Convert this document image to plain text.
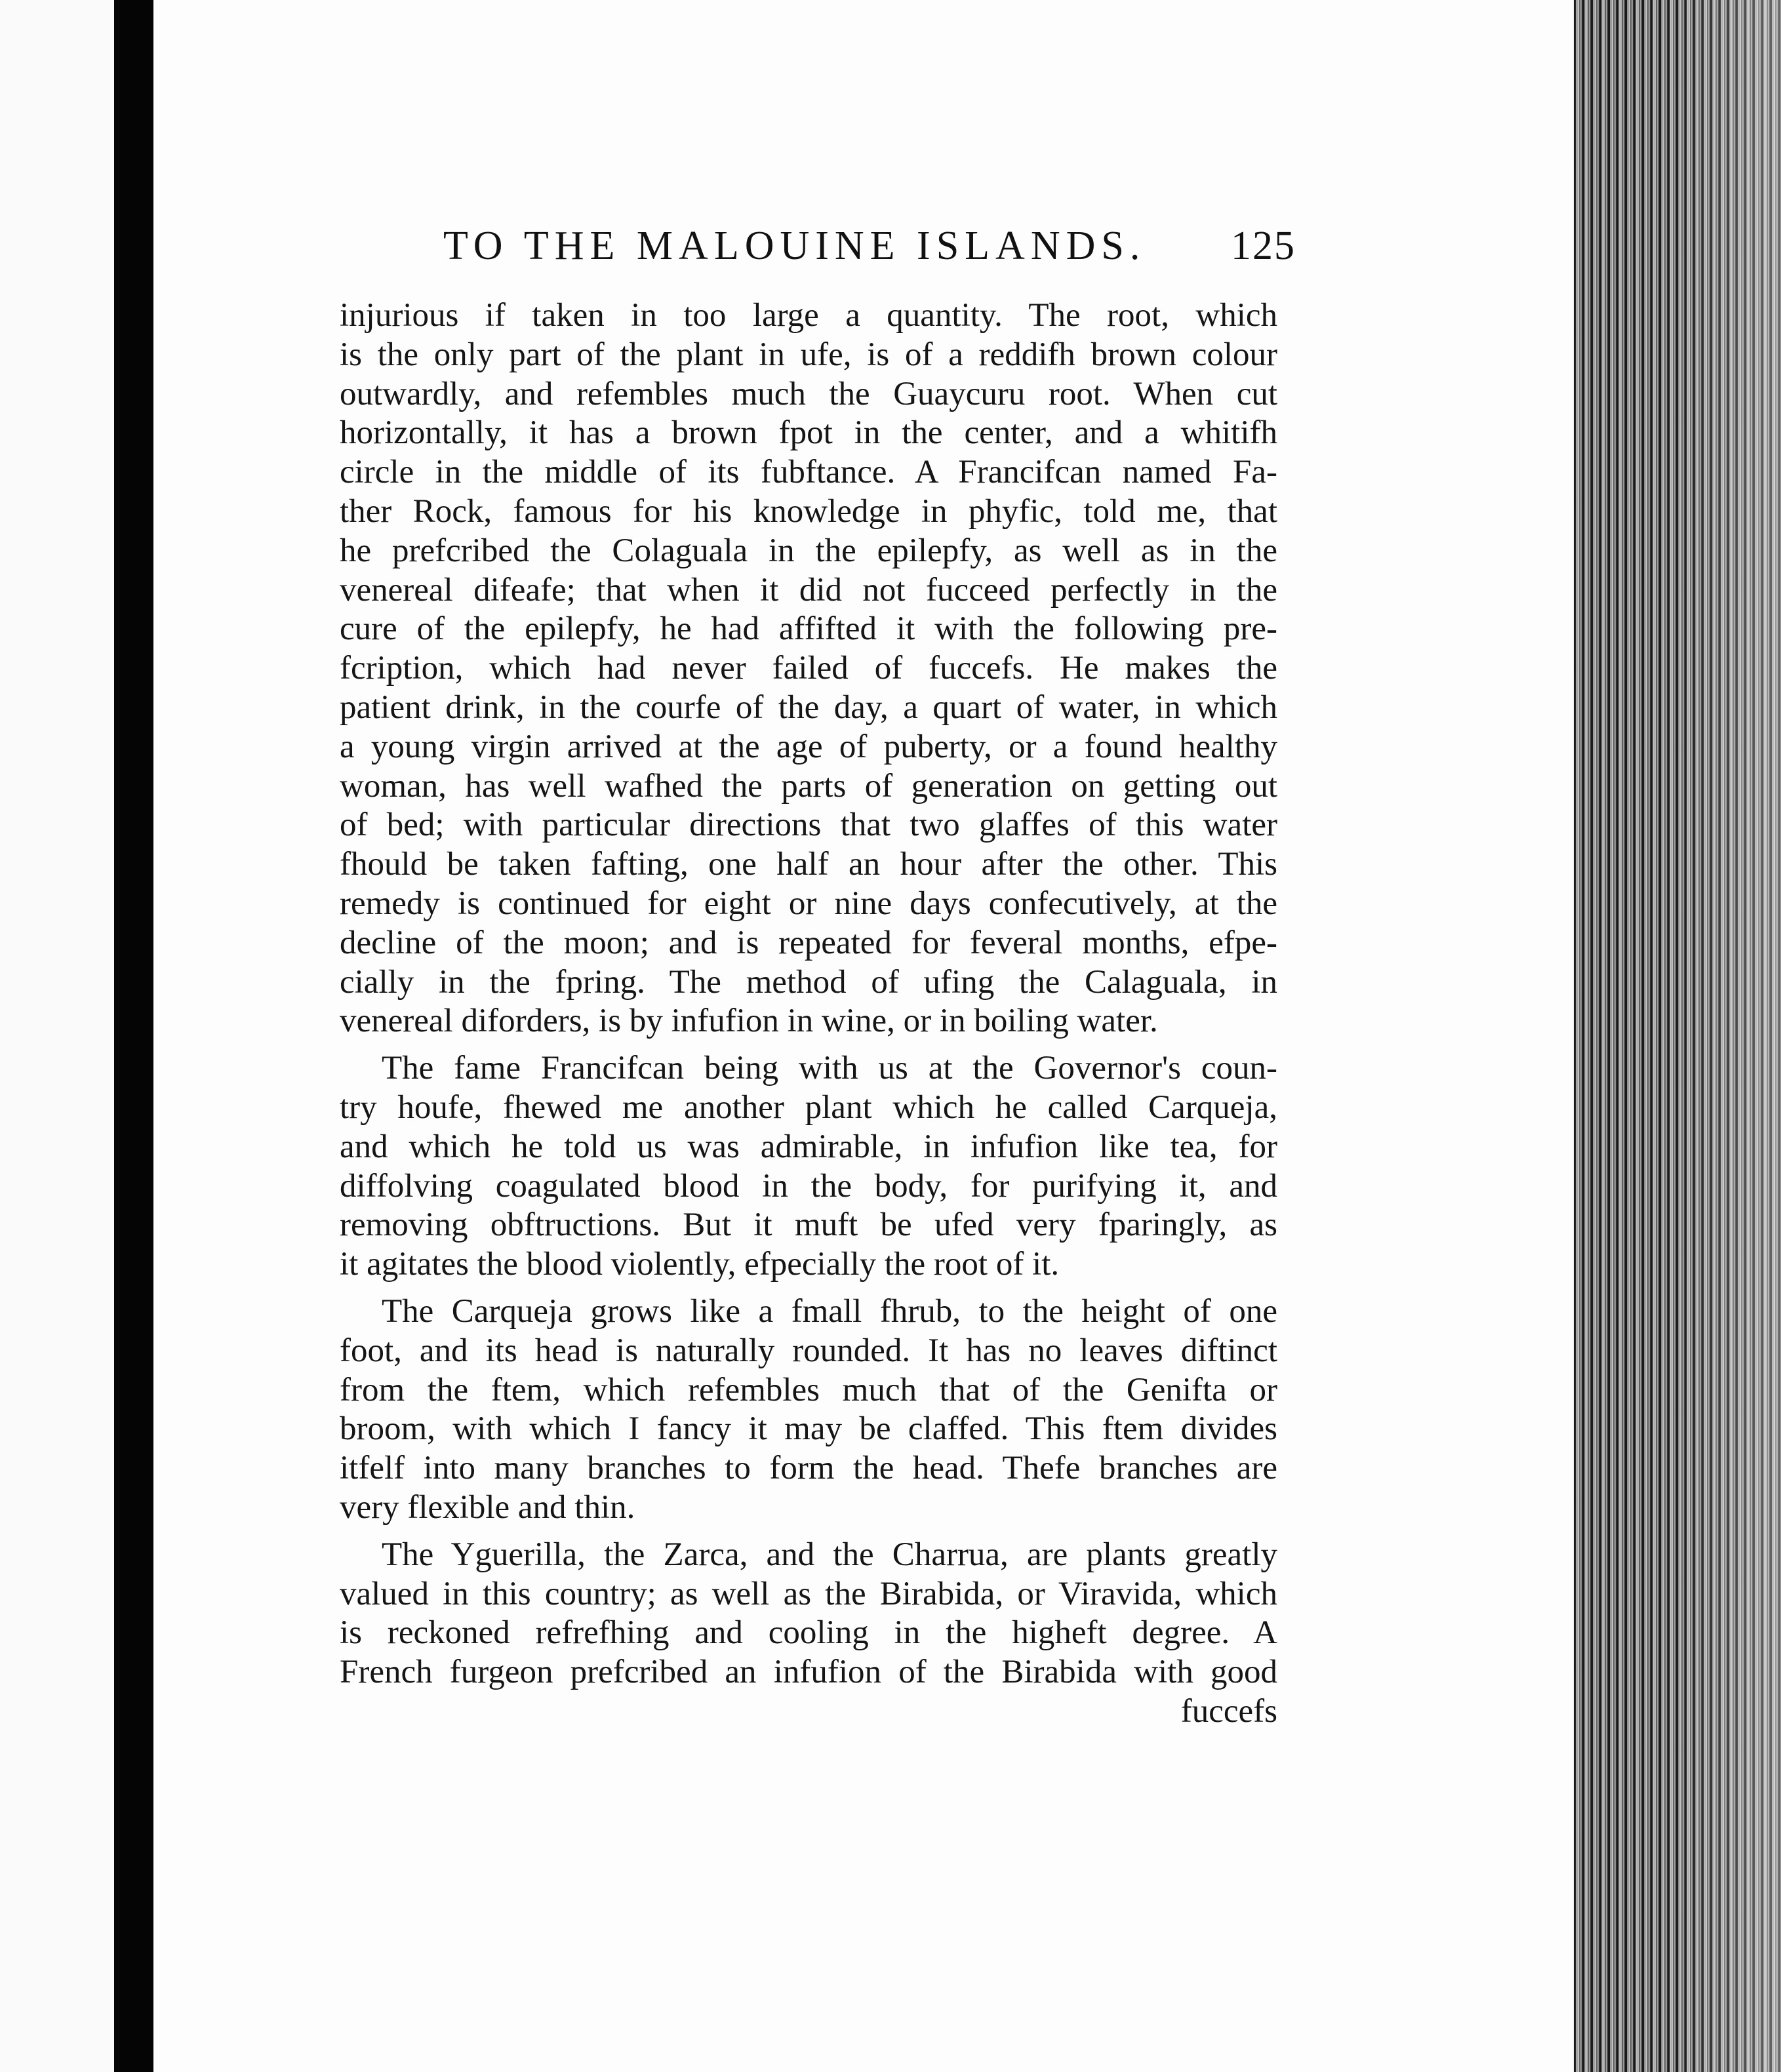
TO THE MALOUINE ISLANDS. 125
injurious if taken in too large a quantity. The root, which
is the only part of the plant in ufe, is of a reddifh brown colour
outwardly, and refembles much the Guaycuru root. When cut
horizontally, it has a brown fpot in the center, and a whitifh
circle in the middle of its fubftance. A Francifcan named Fa-
ther Rock, famous for his knowledge in phyfic, told me, that
he prefcribed the Colaguala in the epilepfy, as well as in the
venereal difeafe; that when it did not fucceed perfectly in the
cure of the epilepfy, he had affifted it with the following pre-
fcription, which had never failed of fuccefs. He makes the
patient drink, in the courfe of the day, a quart of water, in which
a young virgin arrived at the age of puberty, or a found healthy
woman, has well wafhed the parts of generation on getting out
of bed; with particular directions that two glaffes of this water
fhould be taken fafting, one half an hour after the other. This
remedy is continued for eight or nine days confecutively, at the
decline of the moon; and is repeated for feveral months, efpe-
cially in the fpring. The method of ufing the Calaguala, in
venereal diforders, is by infufion in wine, or in boiling water.
The fame Francifcan being with us at the Governor's coun-
try houfe, fhewed me another plant which he called Carqueja,
and which he told us was admirable, in infufion like tea, for
diffolving coagulated blood in the body, for purifying it, and
removing obftructions. But it muft be ufed very fparingly, as
it agitates the blood violently, efpecially the root of it.
The Carqueja grows like a fmall fhrub, to the height of one
foot, and its head is naturally rounded. It has no leaves diftinct
from the ftem, which refembles much that of the Genifta or
broom, with which I fancy it may be claffed. This ftem divides
itfelf into many branches to form the head. Thefe branches are
very flexible and thin.
The Yguerilla, the Zarca, and the Charrua, are plants greatly
valued in this country; as well as the Birabida, or Viravida, which
is reckoned refrefhing and cooling in the higheft degree. A
French furgeon prefcribed an infufion of the Birabida with good
fuccefs
